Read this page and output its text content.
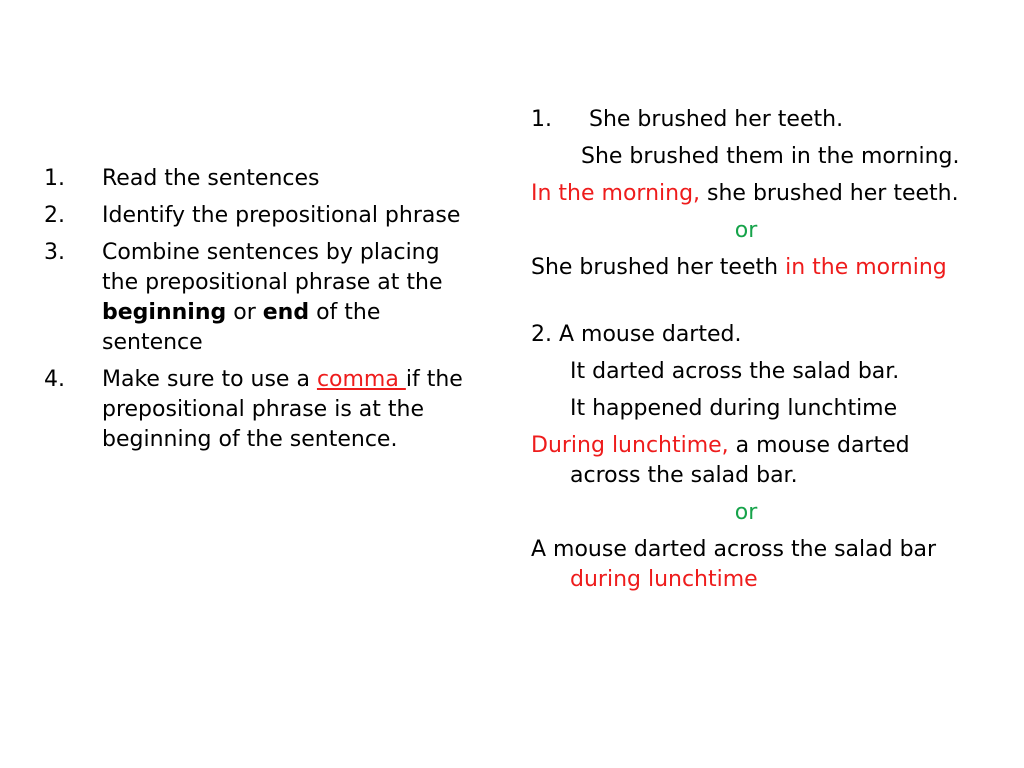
1. Read the sentences
2. Identify the prepositional phrase
3. Combine sentences by placing the prepositional phrase at the beginning or end of the sentence
4. Make sure to use a comma if the prepositional phrase is at the beginning of the sentence.
1. She brushed her teeth.
She brushed them in the morning.
In the morning, she brushed her teeth.
or
She brushed her teeth in the morning
2. A mouse darted.
It darted across the salad bar.
It happened during lunchtime
During lunchtime, a mouse darted across the salad bar.
or
A mouse darted across the salad bar during lunchtime
